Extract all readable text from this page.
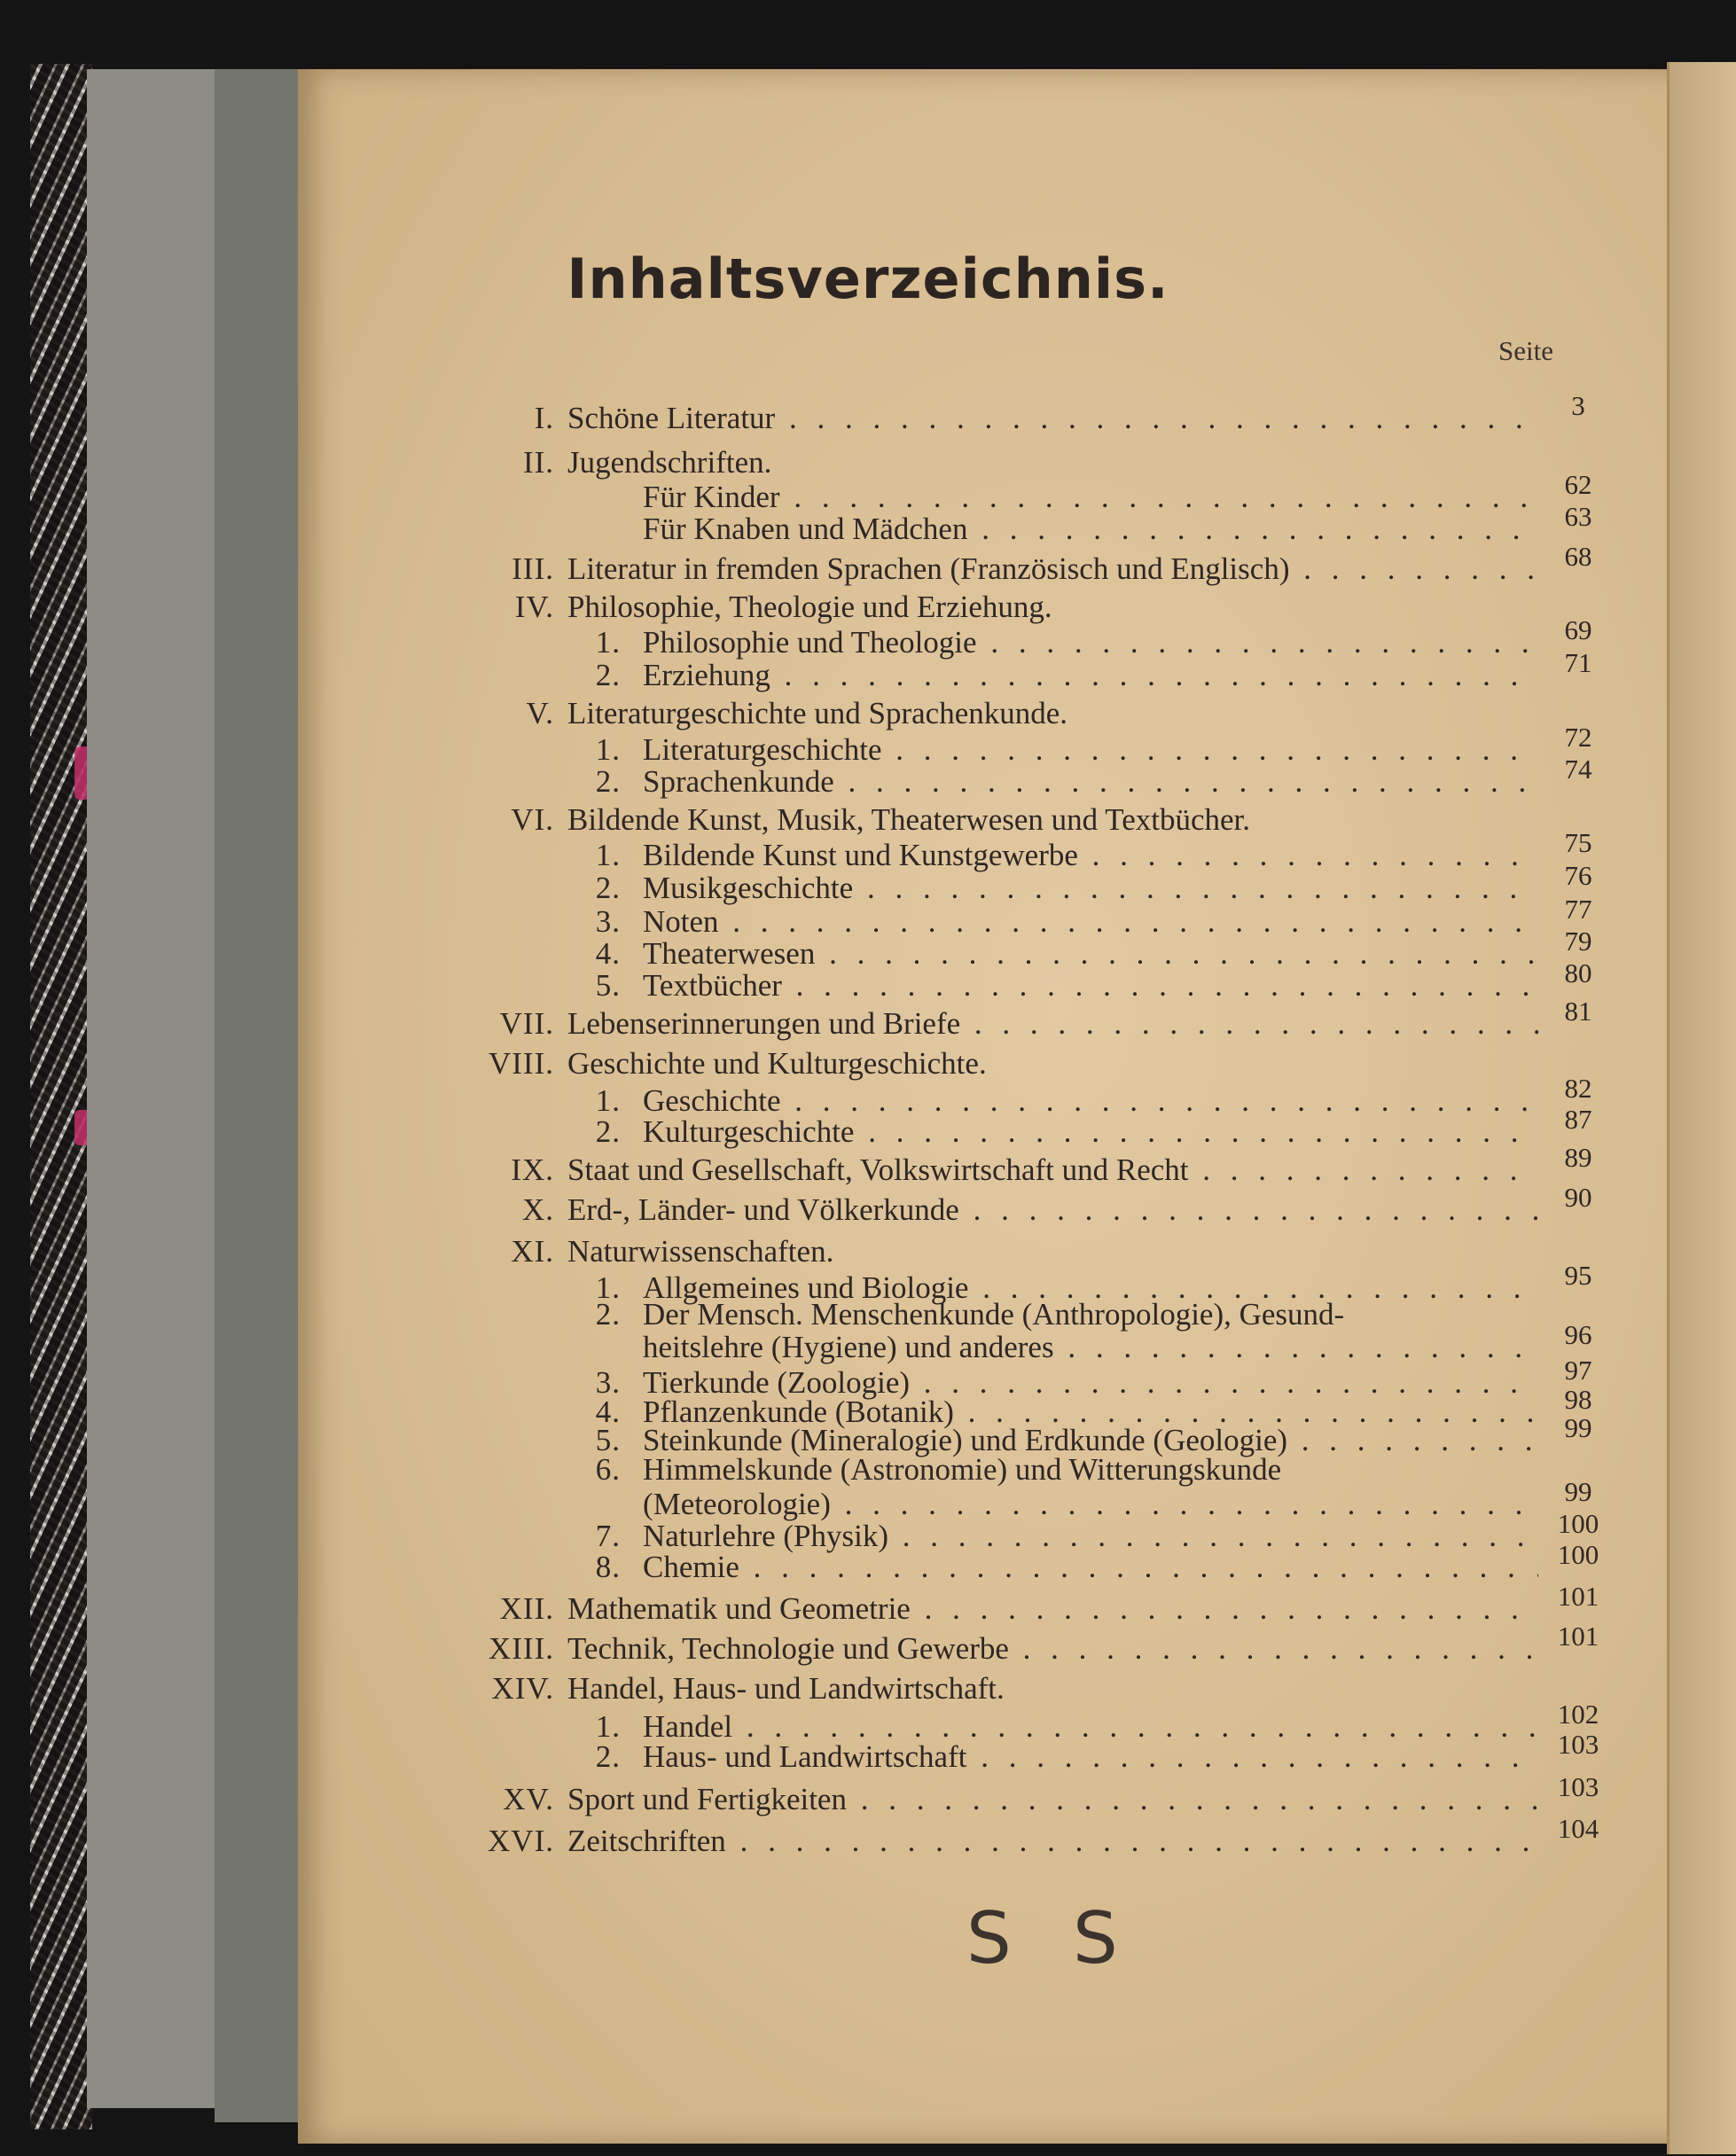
Inhaltsverzeichnis.
Seite
I. Schöne Literatur . . .	3
II. Jugendschriften.
Für Kinder . . .	62
Für Knaben und Mädchen . . .	63
III. Literatur in fremden Sprachen (Französisch und Englisch) . . .	68
IV. Philosophie, Theologie und Erziehung.
1. Philosophie und Theologie . . .	69
2. Erziehung . . .	71
V. Literaturgeschichte und Sprachenkunde.
1. Literaturgeschichte . . .	72
2. Sprachenkunde . . .	74
VI. Bildende Kunst, Musik, Theaterwesen und Textbücher.
1. Bildende Kunst und Kunstgewerbe . . .	75
2. Musikgeschichte . . .	76
3. Noten . . .	77
4. Theaterwesen . . .	79
5. Textbücher . . .	80
VII. Lebenserinnerungen und Briefe . . .	81
VIII. Geschichte und Kulturgeschichte.
1. Geschichte . . .	82
2. Kulturgeschichte . . .	87
IX. Staat und Gesellschaft, Volkswirtschaft und Recht . . .	89
X. Erd-, Länder- und Völkerkunde . . .	90
XI. Naturwissenschaften.
1. Allgemeines und Biologie . . .	95
2. Der Mensch. Menschenkunde (Anthropologie), Gesund-
heitslehre (Hygiene) und anderes . . .	96
3. Tierkunde (Zoologie) . . .	97
4. Pflanzenkunde (Botanik) . . .	98
5. Steinkunde (Mineralogie) und Erdkunde (Geologie) . . .	99
6. Himmelskunde (Astronomie) und Witterungskunde
(Meteorologie) . . .	99
7. Naturlehre (Physik) . . .	100
8. Chemie . . .	100
XII. Mathematik und Geometrie . . .	101
XIII. Technik, Technologie und Gewerbe . . .	101
XIV. Handel, Haus- und Landwirtschaft.
1. Handel . . .	102
2. Haus- und Landwirtschaft . . .	103
XV. Sport und Fertigkeiten . . .	103
XVI. Zeitschriften . . .	104
S S
